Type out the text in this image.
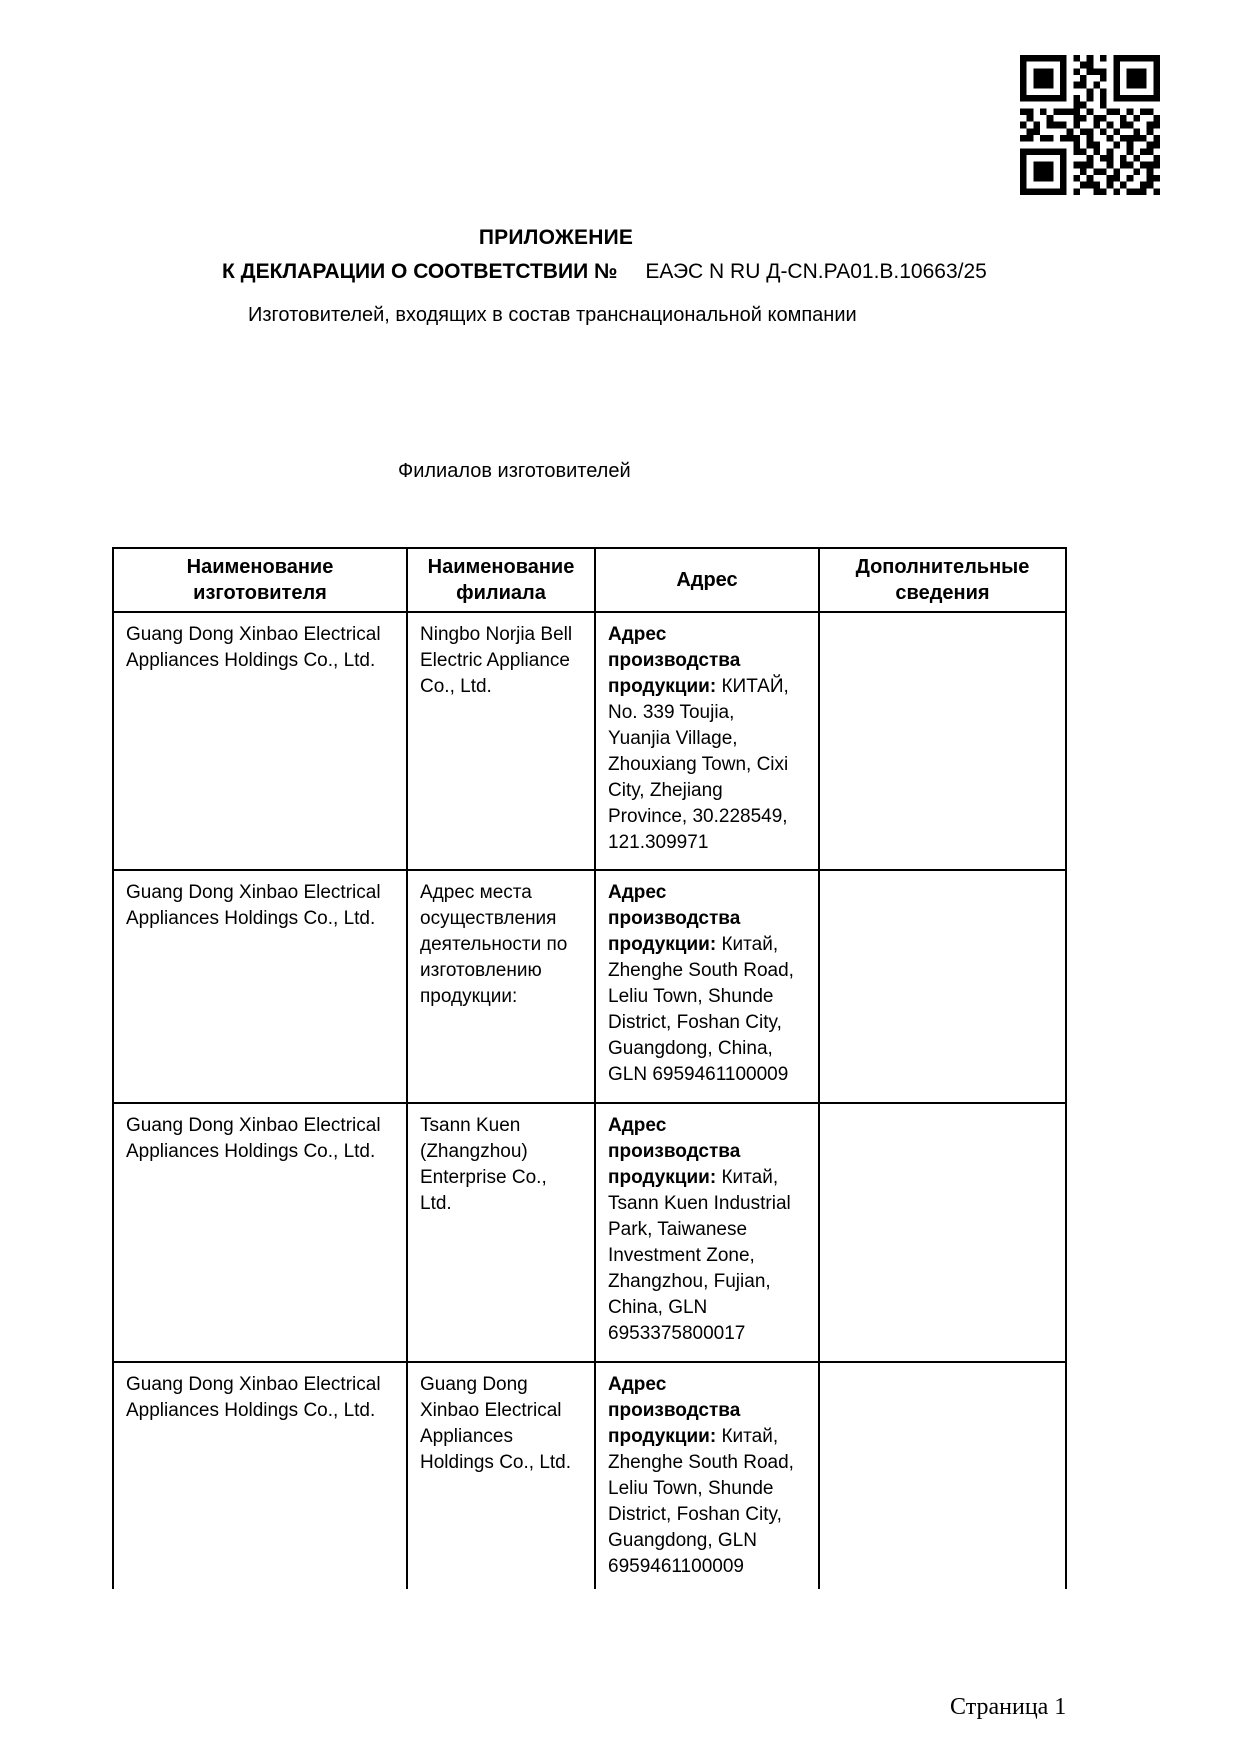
ПРИЛОЖЕНИЕ
К ДЕКЛАРАЦИИ О СООТВЕТСТВИИ № ЕАЭС N RU Д-CN.РА01.В.10663/25
Изготовителей, входящих в состав транснациональной компании
Филиалов изготовителей
Наименование изготовителя	Наименование филиала	Адрес	Дополнительные сведения
Guang Dong Xinbao Electrical Appliances Holdings Co., Ltd.	Ningbo Norjia Bell Electric Appliance Co., Ltd.	Адрес производства продукции: КИТАЙ, No. 339 Toujia, Yuanjia Village, Zhouxiang Town, Cixi City, Zhejiang Province, 30.228549, 121.309971	
Guang Dong Xinbao Electrical Appliances Holdings Co., Ltd.	Адрес места осуществления деятельности по изготовлению продукции:	Адрес производства продукции: Китай, Zhenghe South Road, Leliu Town, Shunde District, Foshan City, Guangdong, China, GLN 6959461100009	
Guang Dong Xinbao Electrical Appliances Holdings Co., Ltd.	Tsann Kuen (Zhangzhou) Enterprise Co., Ltd.	Адрес производства продукции: Китай, Tsann Kuen Industrial Park, Taiwanese Investment Zone, Zhangzhou, Fujian, China, GLN 6953375800017	
Guang Dong Xinbao Electrical Appliances Holdings Co., Ltd.	Guang Dong Xinbao Electrical Appliances Holdings Co., Ltd.	Адрес производства продукции: Китай, Zhenghe South Road, Leliu Town, Shunde District, Foshan City, Guangdong, GLN 6959461100009	
Страница 1
